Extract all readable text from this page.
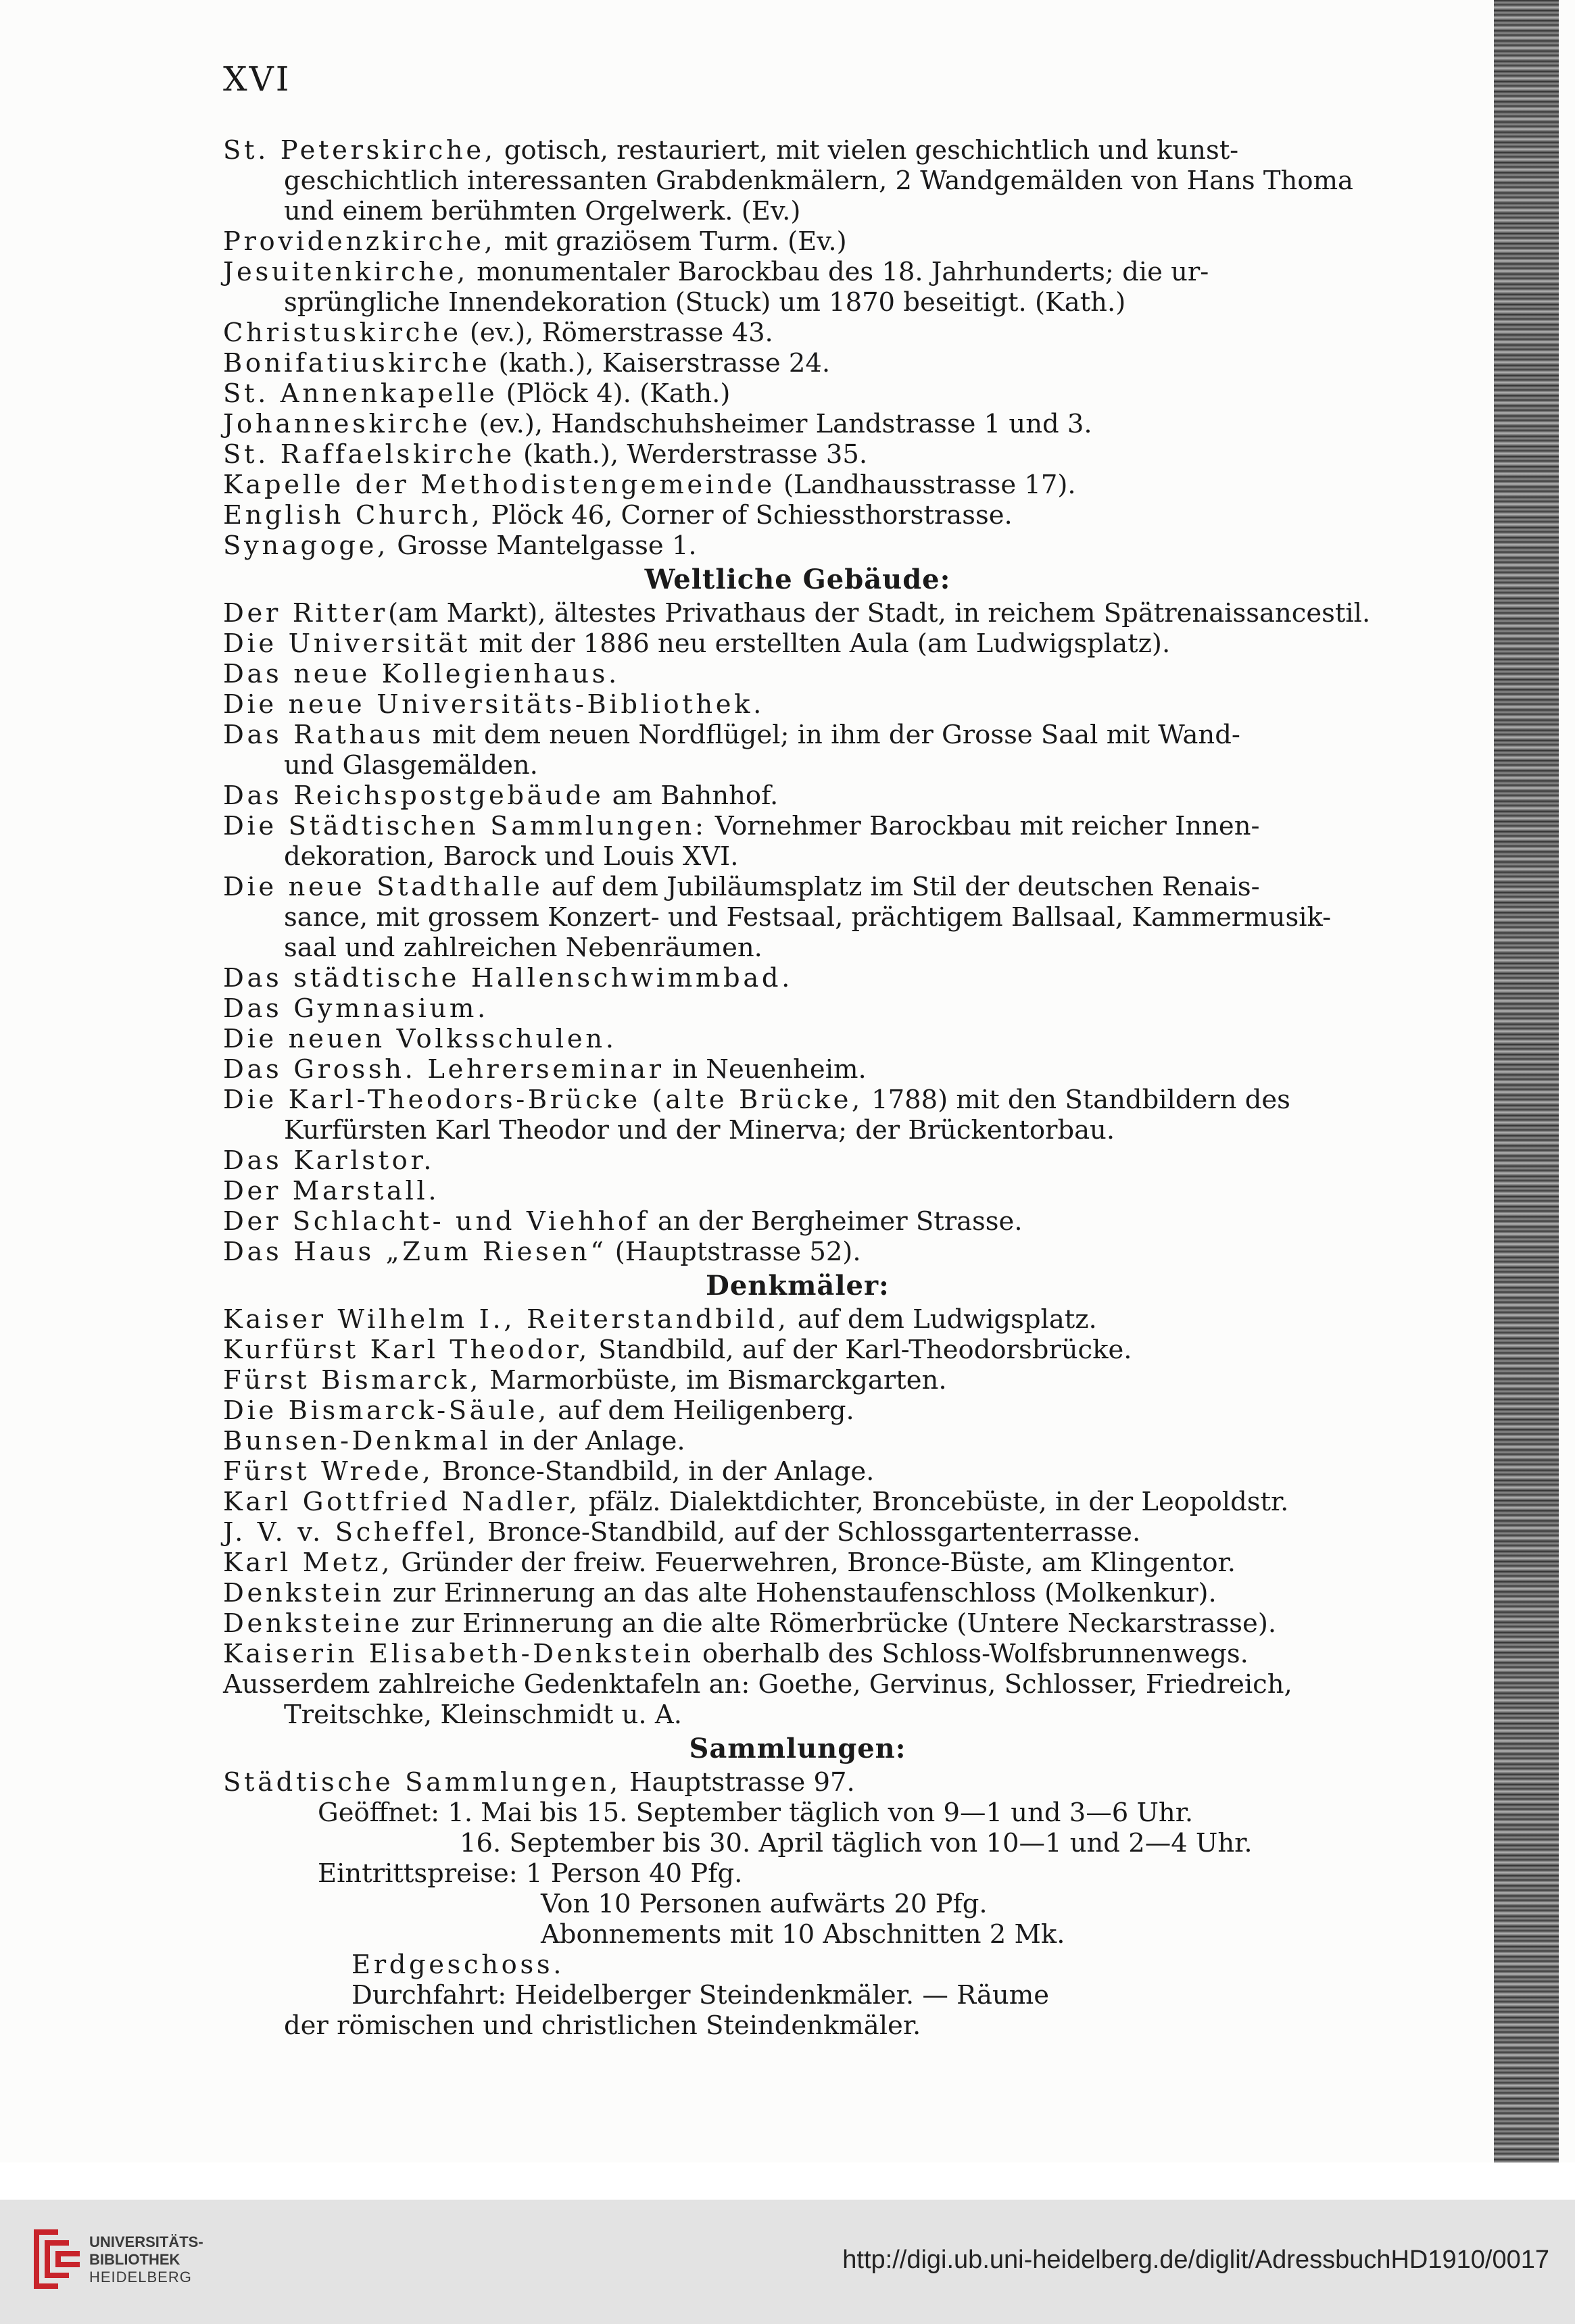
XVI
St. Peterskirche, gotisch, restauriert, mit vielen geschichtlich und kunst-
geschichtlich interessanten Grabdenkmälern, 2 Wandgemälden von Hans Thoma
und einem berühmten Orgelwerk. (Ev.)
Providenzkirche, mit graziösem Turm. (Ev.)
Jesuitenkirche, monumentaler Barockbau des 18. Jahrhunderts; die ur-
sprüngliche Innendekoration (Stuck) um 1870 beseitigt. (Kath.)
Christuskirche (ev.), Römerstrasse 43.
Bonifatiuskirche (kath.), Kaiserstrasse 24.
St. Annenkapelle (Plöck 4). (Kath.)
Johanneskirche (ev.), Handschuhsheimer Landstrasse 1 und 3.
St. Raffaelskirche (kath.), Werderstrasse 35.
Kapelle der Methodistengemeinde (Landhausstrasse 17).
English Church, Plöck 46, Corner of Schiessthorstrasse.
Synagoge, Grosse Mantelgasse 1.
Weltliche Gebäude:
Der Ritter(am Markt), ältestes Privathaus der Stadt, in reichem Spätrenaissancestil.
Die Universität mit der 1886 neu erstellten Aula (am Ludwigsplatz).
Das neue Kollegienhaus.
Die neue Universitäts-Bibliothek.
Das Rathaus mit dem neuen Nordflügel; in ihm der Grosse Saal mit Wand-
und Glasgemälden.
Das Reichspostgebäude am Bahnhof.
Die Städtischen Sammlungen: Vornehmer Barockbau mit reicher Innen-
dekoration, Barock und Louis XVI.
Die neue Stadthalle auf dem Jubiläumsplatz im Stil der deutschen Renais-
sance, mit grossem Konzert- und Festsaal, prächtigem Ballsaal, Kammermusik-
saal und zahlreichen Nebenräumen.
Das städtische Hallenschwimmbad.
Das Gymnasium.
Die neuen Volksschulen.
Das Grossh. Lehrerseminar in Neuenheim.
Die Karl-Theodors-Brücke (alte Brücke, 1788) mit den Standbildern des
Kurfürsten Karl Theodor und der Minerva; der Brückentorbau.
Das Karlstor.
Der Marstall.
Der Schlacht- und Viehhof an der Bergheimer Strasse.
Das Haus „Zum Riesen“ (Hauptstrasse 52).
Denkmäler:
Kaiser Wilhelm I., Reiterstandbild, auf dem Ludwigsplatz.
Kurfürst Karl Theodor, Standbild, auf der Karl-Theodorsbrücke.
Fürst Bismarck, Marmorbüste, im Bismarckgarten.
Die Bismarck-Säule, auf dem Heiligenberg.
Bunsen-Denkmal in der Anlage.
Fürst Wrede, Bronce-Standbild, in der Anlage.
Karl Gottfried Nadler, pfälz. Dialektdichter, Broncebüste, in der Leopoldstr.
J. V. v. Scheffel, Bronce-Standbild, auf der Schlossgartenterrasse.
Karl Metz, Gründer der freiw. Feuerwehren, Bronce-Büste, am Klingentor.
Denkstein zur Erinnerung an das alte Hohenstaufenschloss (Molkenkur).
Denksteine zur Erinnerung an die alte Römerbrücke (Untere Neckarstrasse).
Kaiserin Elisabeth-Denkstein oberhalb des Schloss-Wolfsbrunnenwegs.
Ausserdem zahlreiche Gedenktafeln an: Goethe, Gervinus, Schlosser, Friedreich,
Treitschke, Kleinschmidt u. A.
Sammlungen:
Städtische Sammlungen, Hauptstrasse 97.
Geöffnet: 1. Mai bis 15. September täglich von 9—1 und 3—6 Uhr.
16. September bis 30. April täglich von 10—1 und 2—4 Uhr.
Eintrittspreise: 1 Person 40 Pfg.
Von 10 Personen aufwärts 20 Pfg.
Abonnements mit 10 Abschnitten 2 Mk.
Erdgeschoss.
Durchfahrt: Heidelberger Steindenkmäler. — Räume
der römischen und christlichen Steindenkmäler.
UNIVERSITÄTS-
BIBLIOTHEK
HEIDELBERG
http://digi.ub.uni-heidelberg.de/diglit/AdressbuchHD1910/0017
